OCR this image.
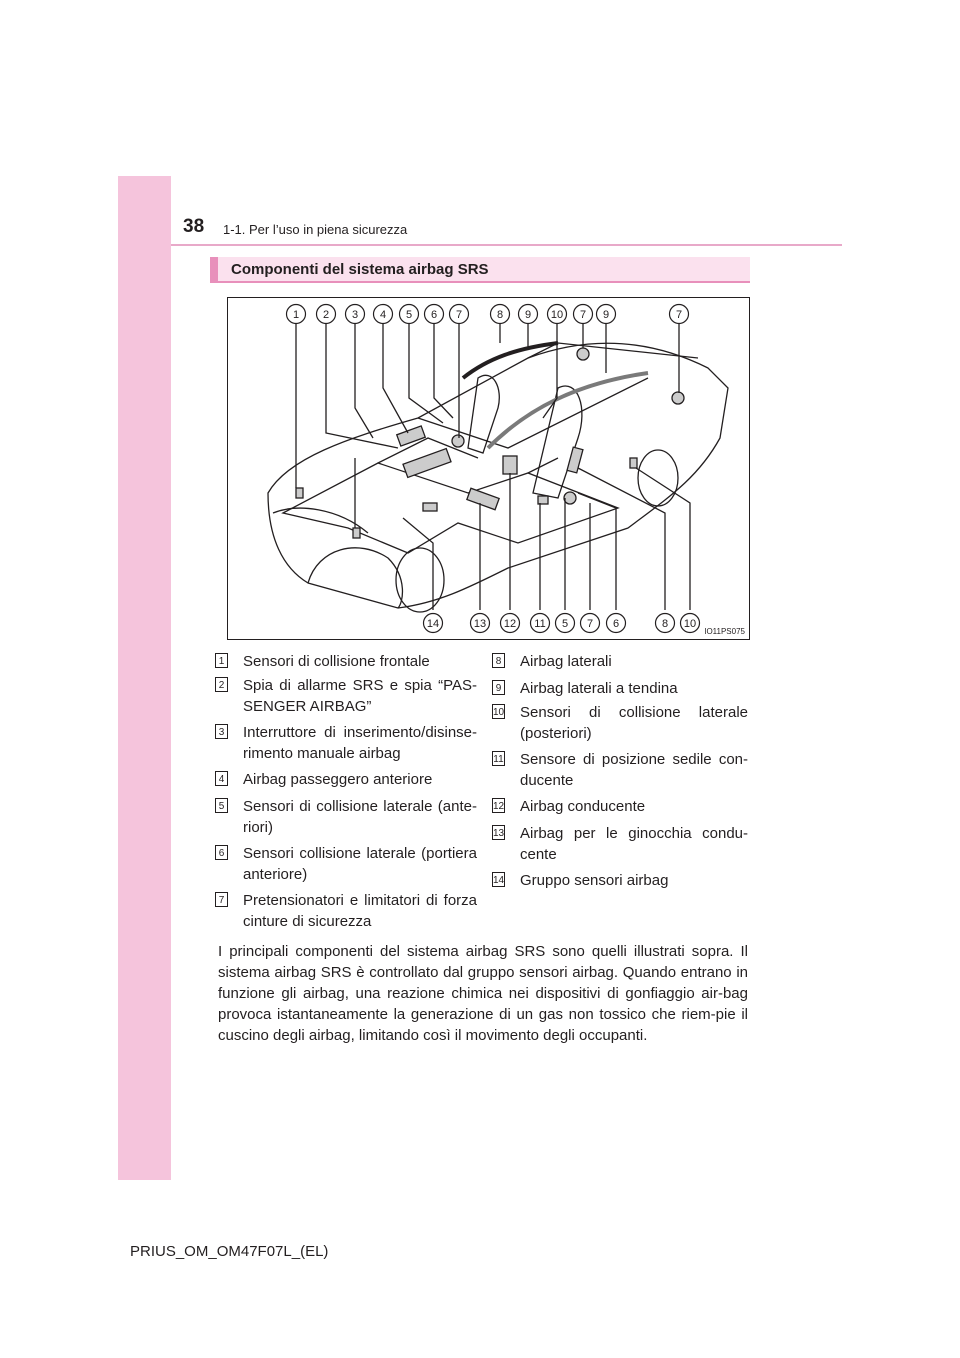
38 1-1. Per l’uso in piena sicurezza
Componenti del sistema airbag SRS
1 2 3 4 5 6 7	8 9 10 7 9	7
14	13 12 11 5 7 6	8 10
IO11PS075
1 Sensori di collisione frontale
2 Spia di allarme SRS e spia “PAS-SENGER AIRBAG”
3 Interruttore di inserimento/disinse-rimento manuale airbag
4 Airbag passeggero anteriore
5 Sensori di collisione laterale (ante-riori)
6 Sensori collisione laterale (portiera anteriore)
7 Pretensionatori e limitatori di forza cinture di sicurezza
8 Airbag laterali
9 Airbag laterali a tendina
10 Sensori di collisione laterale (posteriori)
11 Sensore di posizione sedile con-ducente
12 Airbag conducente
13 Airbag per le ginocchia condu-cente
14 Gruppo sensori airbag
I principali componenti del sistema airbag SRS sono quelli illustrati sopra. Il sistema airbag SRS è controllato dal gruppo sensori airbag. Quando entrano in funzione gli airbag, una reazione chimica nei dispositivi di gonfiaggio air-bag provoca istantaneamente la generazione di un gas non tossico che riem-pie il cuscino degli airbag, limitando così il movimento degli occupanti.
PRIUS_OM_OM47F07L_(EL)
